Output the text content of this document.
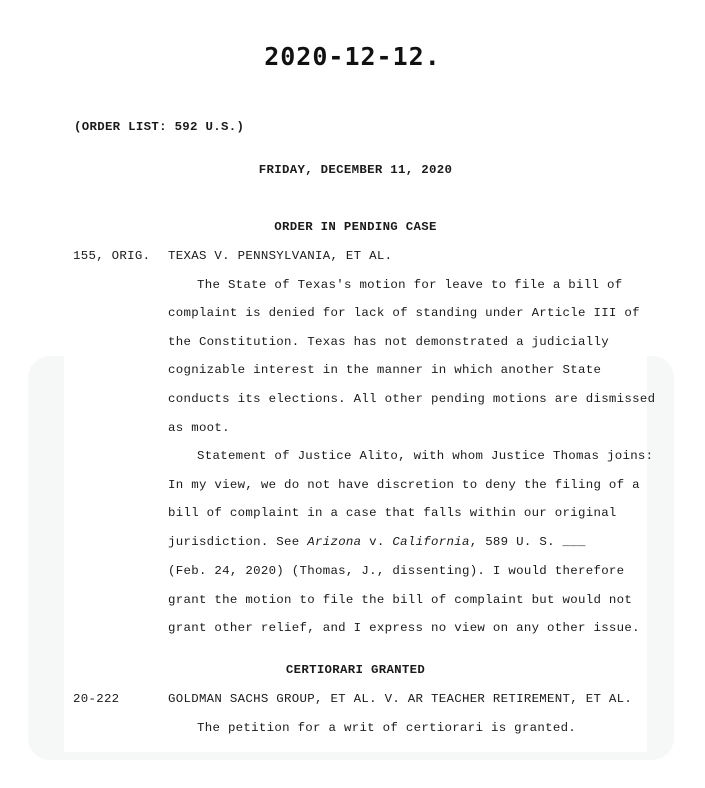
2020-12-12.
(ORDER LIST: 592 U.S.)
FRIDAY, DECEMBER 11, 2020
ORDER IN PENDING CASE
155, ORIG. TEXAS V. PENNSYLVANIA, ET AL.
The State of Texas's motion for leave to file a bill of
complaint is denied for lack of standing under Article III of
the Constitution. Texas has not demonstrated a judicially
cognizable interest in the manner in which another State
conducts its elections. All other pending motions are dismissed
as moot.
Statement of Justice Alito, with whom Justice Thomas joins:
In my view, we do not have discretion to deny the filing of a
bill of complaint in a case that falls within our original
jurisdiction. See Arizona v. California, 589 U. S. ___
(Feb. 24, 2020) (Thomas, J., dissenting). I would therefore
grant the motion to file the bill of complaint but would not
grant other relief, and I express no view on any other issue.
CERTIORARI GRANTED
20-222	GOLDMAN SACHS GROUP, ET AL. V. AR TEACHER RETIREMENT, ET AL.
The petition for a writ of certiorari is granted.
